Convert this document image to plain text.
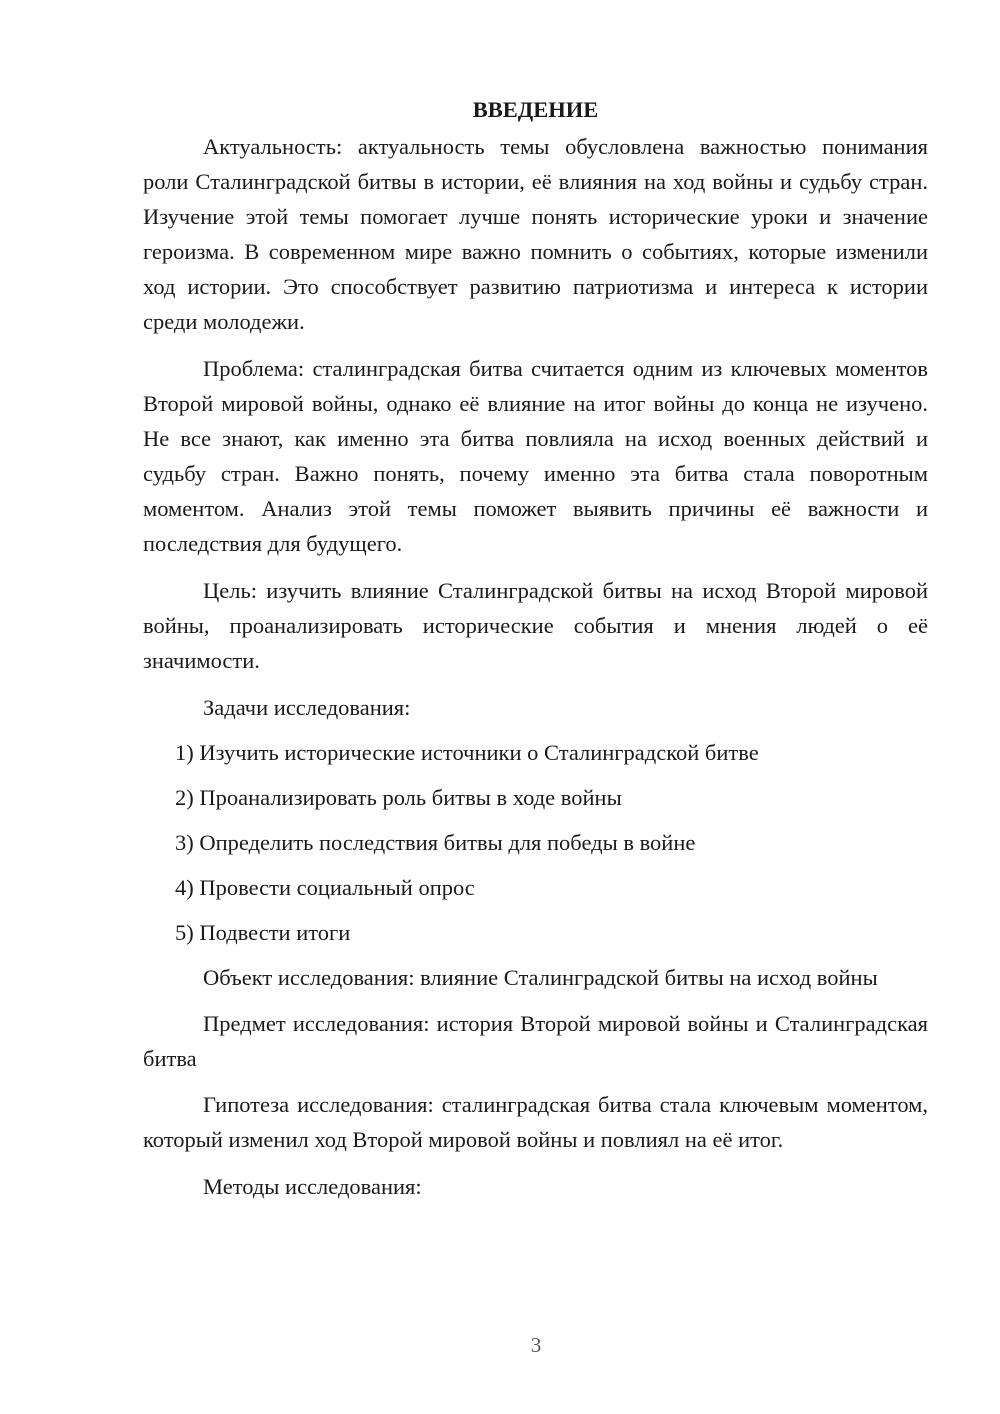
ВВЕДЕНИЕ

Актуальность: актуальность темы обусловлена важностью понимания роли Сталинградской битвы в истории, её влияния на ход войны и судьбу стран. Изучение этой темы помогает лучше понять исторические уроки и значение героизма. В современном мире важно помнить о событиях, которые изменили ход истории. Это способствует развитию патриотизма и интереса к истории среди молодежи.

Проблема: сталинградская битва считается одним из ключевых моментов Второй мировой войны, однако её влияние на итог войны до конца не изучено. Не все знают, как именно эта битва повлияла на исход военных действий и судьбу стран. Важно понять, почему именно эта битва стала поворотным моментом. Анализ этой темы поможет выявить причины её важности и последствия для будущего.

Цель: изучить влияние Сталинградской битвы на исход Второй мировой войны, проанализировать исторические события и мнения людей о её значимости.

Задачи исследования:

1) Изучить исторические источники о Сталинградской битве
2) Проанализировать роль битвы в ходе войны
3) Определить последствия битвы для победы в войне
4) Провести социальный опрос
5) Подвести итоги

Объект исследования: влияние Сталинградской битвы на исход войны

Предмет исследования: история Второй мировой войны и Сталинградская битва

Гипотеза исследования: сталинградская битва стала ключевым моментом, который изменил ход Второй мировой войны и повлиял на её итог.

Методы исследования:

3
